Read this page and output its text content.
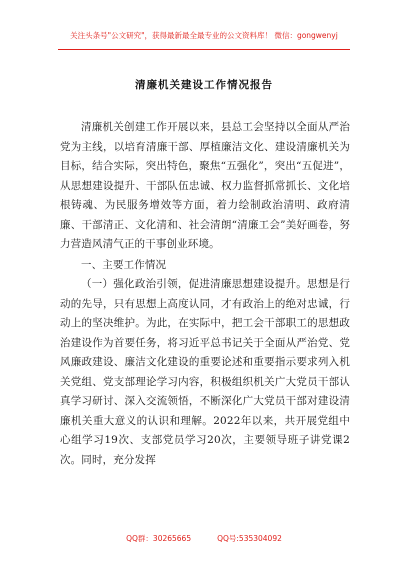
关注头条号"公文研究"，获得最新最全最专业的公文资料库！ 微信：gongwenyj
清廉机关建设工作情况报告

清廉机关创建工作开展以来，县总工会坚持以全面从严治党为主线，以培育清廉干部、厚植廉洁文化、建设清廉机关为目标，结合实际，突出特色，聚焦“五强化”，突出“五促进”，从思想建设提升、干部队伍忠诚、权力监督抓常抓长、文化培根铸魂、为民服务增效等方面，着力绘制政治清明、政府清廉、干部清正、文化清和、社会清朗“清廉工会”美好画卷，努力营造风清气正的干事创业环境。

一、主要工作情况

（一）强化政治引领，促进清廉思想建设提升。思想是行动的先导，只有思想上高度认同，才有政治上的绝对忠诚，行动上的坚决维护。为此，在实际中，把工会干部职工的思想政治建设作为首要任务，将习近平总书记关于全面从严治党、党风廉政建设、廉洁文化建设的重要论述和重要指示要求列入机关党组、党支部理论学习内容，积极组织机关广大党员干部认真学习研讨、深入交流领悟，不断深化广大党员干部对建设清廉机关重大意义的认识和理解。2022年以来，共开展党组中心组学习19次、支部党员学习20次，主要领导班子讲党课2次。同时，充分发挥

QQ群：30265665	QQ号:535304092
